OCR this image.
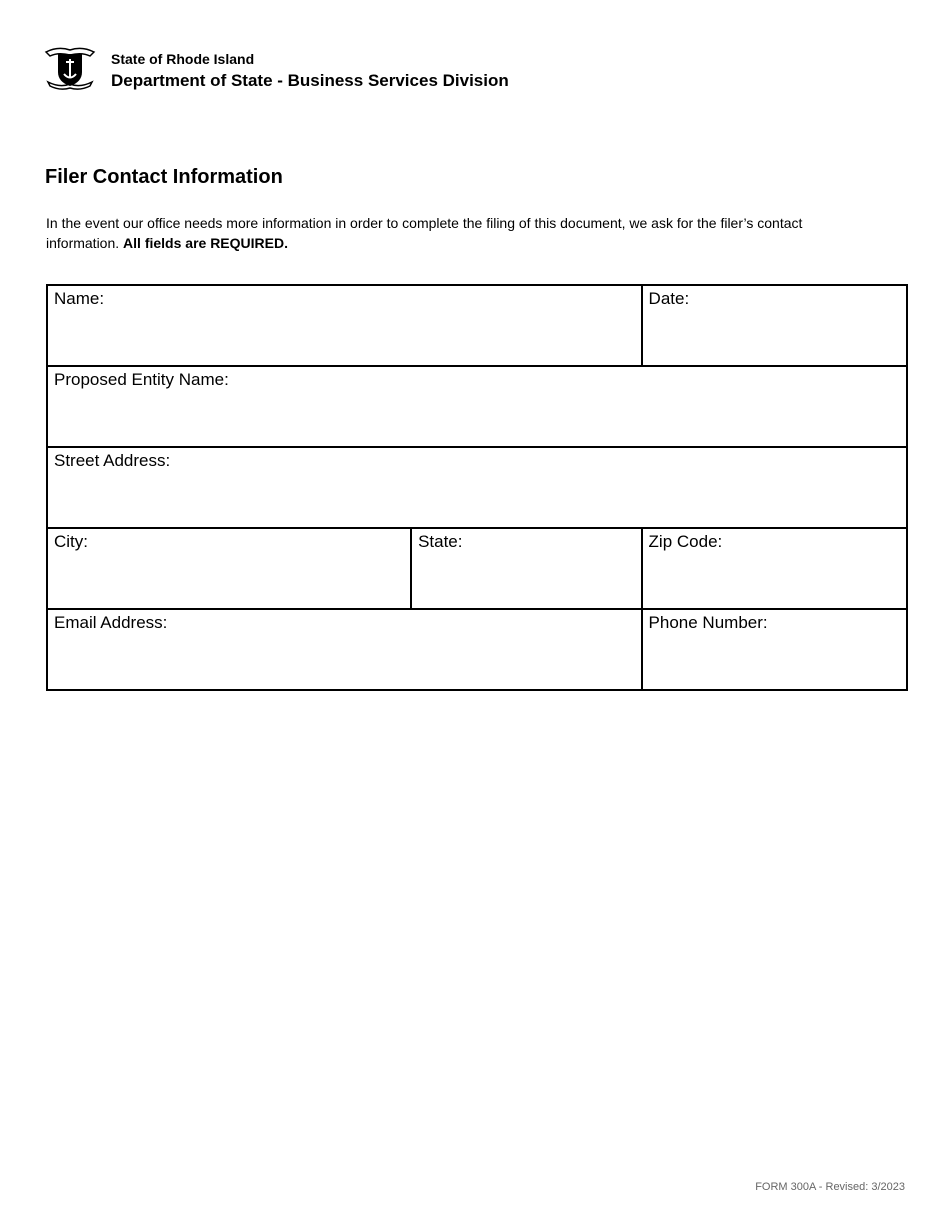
State of Rhode Island
Department of State - Business Services Division
Filer Contact Information
In the event our office needs more information in order to complete the filing of this document, we ask for the filer’s contact information. All fields are REQUIRED.
Name:		Date:
Proposed Entity Name:		
Street Address:		
City:	State:	Zip Code:
Email Address:		Phone Number:
FORM 300A - Revised: 3/2023
